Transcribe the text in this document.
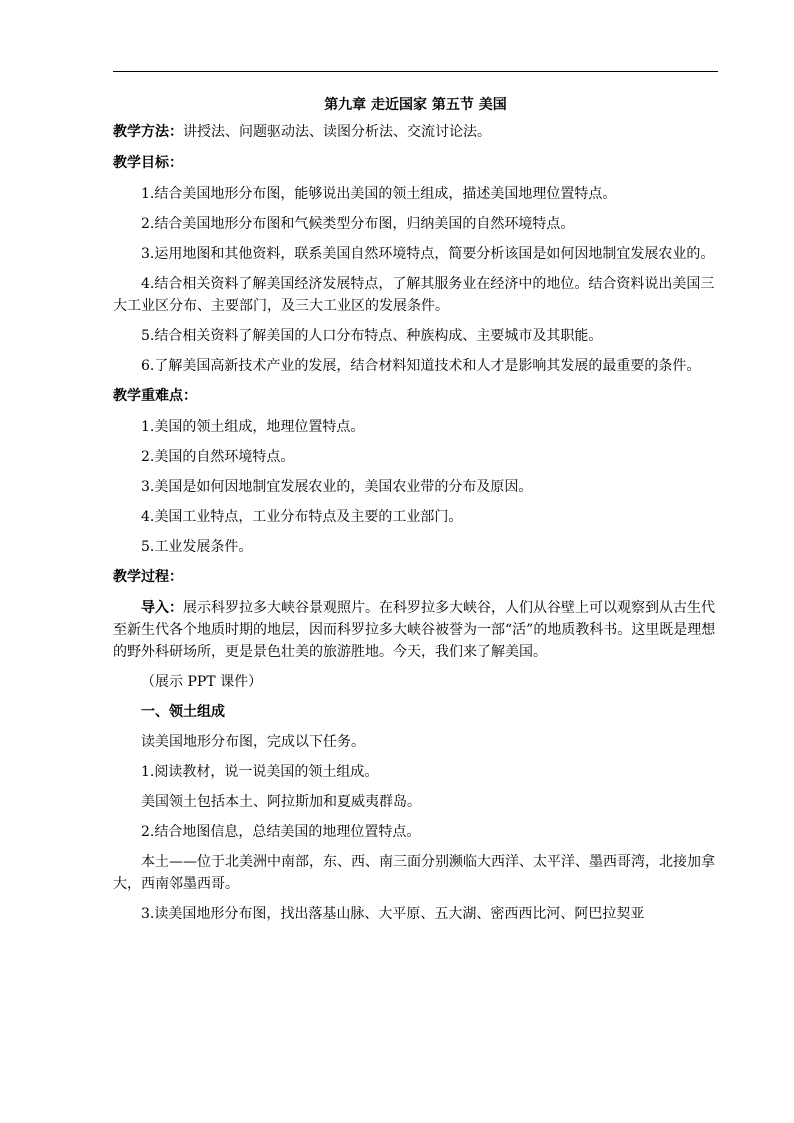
第九章 走近国家 第五节 美国
教学方法：讲授法、问题驱动法、读图分析法、交流讨论法。
教学目标：
1.结合美国地形分布图，能够说出美国的领土组成，描述美国地理位置特点。
2.结合美国地形分布图和气候类型分布图，归纳美国的自然环境特点。
3.运用地图和其他资料，联系美国自然环境特点，简要分析该国是如何因地制宜发展农业的。
4.结合相关资料了解美国经济发展特点，了解其服务业在经济中的地位。结合资料说出美国三大工业区分布、主要部门，及三大工业区的发展条件。
5.结合相关资料了解美国的人口分布特点、种族构成、主要城市及其职能。
6.了解美国高新技术产业的发展，结合材料知道技术和人才是影响其发展的最重要的条件。
教学重难点：
1.美国的领土组成，地理位置特点。
2.美国的自然环境特点。
3.美国是如何因地制宜发展农业的，美国农业带的分布及原因。
4.美国工业特点，工业分布特点及主要的工业部门。
5.工业发展条件。
教学过程：
导入：展示科罗拉多大峡谷景观照片。在科罗拉多大峡谷，人们从谷壁上可以观察到从古生代至新生代各个地质时期的地层，因而科罗拉多大峡谷被誉为一部“活”的地质教科书。这里既是理想的野外科研场所，更是景色壮美的旅游胜地。今天，我们来了解美国。
（展示 PPT 课件）
一、领土组成
读美国地形分布图，完成以下任务。
1.阅读教材，说一说美国的领土组成。
美国领土包括本土、阿拉斯加和夏威夷群岛。
2.结合地图信息，总结美国的地理位置特点。
本土——位于北美洲中南部，东、西、南三面分别濒临大西洋、太平洋、墨西哥湾，北接加拿大，西南邻墨西哥。
3.读美国地形分布图，找出落基山脉、大平原、五大湖、密西西比河、阿巴拉契亚
